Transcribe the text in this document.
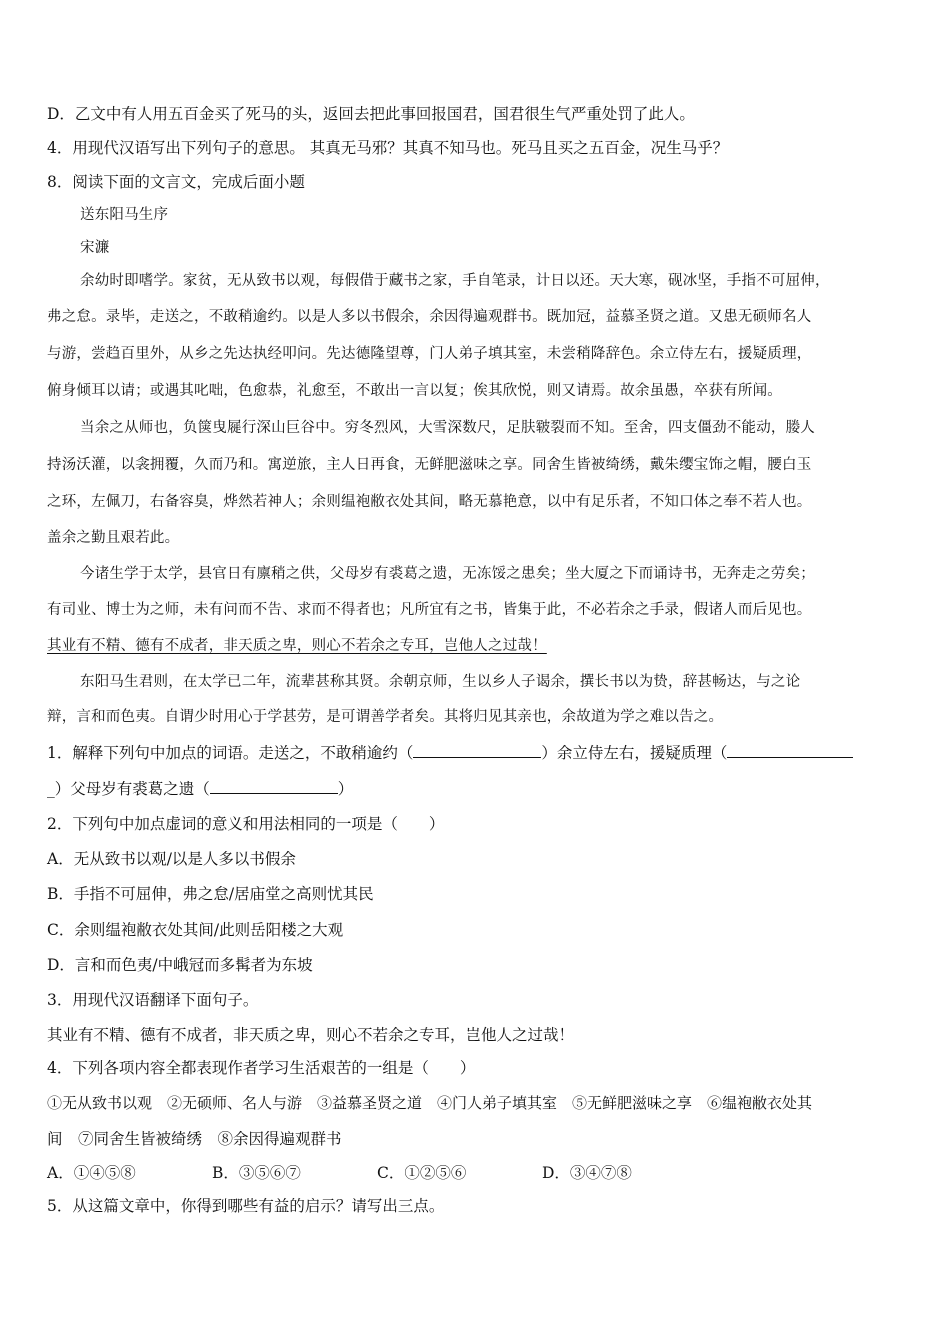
D．乙文中有人用五百金买了死马的头，返回去把此事回报国君，国君很生气严重处罚了此人。
4．用现代汉语写出下列句子的意思。 其真无马邪？其真不知马也。死马且买之五百金，况生马乎？
8．阅读下面的文言文，完成后面小题
送东阳马生序
宋濂
余幼时即嗜学。家贫，无从致书以观，每假借于藏书之家，手自笔录，计日以还。天大寒，砚冰坚，手指不可屈伸，
弗之怠。录毕，走送之，不敢稍逾约。以是人多以书假余，余因得遍观群书。既加冠，益慕圣贤之道。又患无硕师名人
与游，尝趋百里外，从乡之先达执经叩问。先达德隆望尊，门人弟子填其室，未尝稍降辞色。余立侍左右，援疑质理，
俯身倾耳以请；或遇其叱咄，色愈恭，礼愈至，不敢出一言以复；俟其欣悦，则又请焉。故余虽愚，卒获有所闻。
当余之从师也，负箧曳屣行深山巨谷中。穷冬烈风，大雪深数尺，足肤皲裂而不知。至舍，四支僵劲不能动，媵人
持汤沃灌，以衾拥覆，久而乃和。寓逆旅，主人日再食，无鲜肥滋味之享。同舍生皆被绮绣，戴朱缨宝饰之帽，腰白玉
之环，左佩刀，右备容臭，烨然若神人；余则缊袍敝衣处其间，略无慕艳意，以中有足乐者，不知口体之奉不若人也。
盖余之勤且艰若此。
今诸生学于太学，县官日有廪稍之供，父母岁有裘葛之遗，无冻馁之患矣；坐大厦之下而诵诗书，无奔走之劳矣；
有司业、博士为之师，未有问而不告、求而不得者也；凡所宜有之书，皆集于此，不必若余之手录，假诸人而后见也。
其业有不精、德有不成者，非天质之卑，则心不若余之专耳，岂他人之过哉！
东阳马生君则，在太学已二年，流辈甚称其贤。余朝京师，生以乡人子谒余，撰长书以为贽，辞甚畅达，与之论
辩，言和而色夷。自谓少时用心于学甚劳，是可谓善学者矣。其将归见其亲也，余故道为学之难以告之。
1．解释下列句中加点的词语。走送之，不敢稍逾约（	）余立侍左右，援疑质理（
_）父母岁有裘葛之遗（	）
2．下列句中加点虚词的意义和用法相同的一项是（　　）
A．无从致书以观/以是人多以书假余
B．手指不可屈伸，弗之怠/居庙堂之高则忧其民
C．余则缊袍敝衣处其间/此则岳阳楼之大观
D．言和而色夷/中峨冠而多髯者为东坡
3．用现代汉语翻译下面句子。
其业有不精、德有不成者，非天质之卑，则心不若余之专耳，岂他人之过哉！
4．下列各项内容全都表现作者学习生活艰苦的一组是（　　）
①无从致书以观　②无硕师、名人与游　③益慕圣贤之道　④门人弟子填其室　⑤无鲜肥滋味之享　⑥缊袍敝衣处其
间　⑦同舍生皆被绮绣　⑧余因得遍观群书
A．①④⑤⑧	B．③⑤⑥⑦	C．①②⑤⑥	D．③④⑦⑧
5．从这篇文章中，你得到哪些有益的启示？请写出三点。
